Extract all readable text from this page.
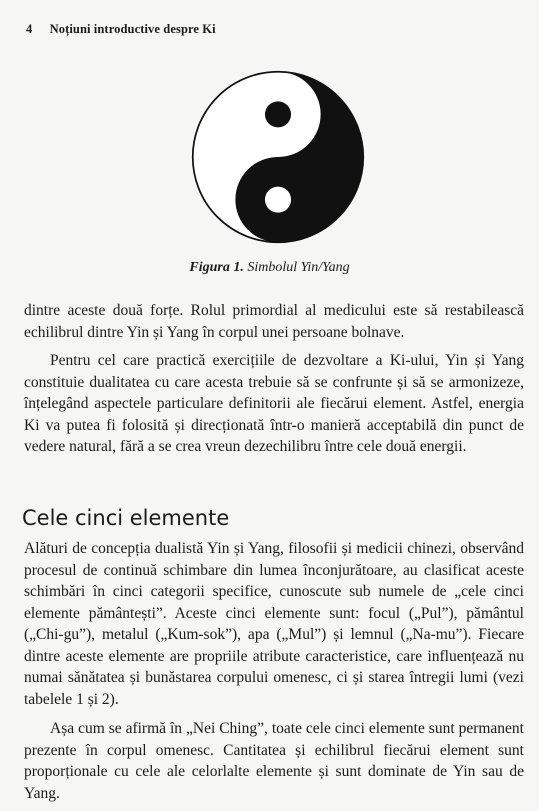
4 Noțiuni introductive despre Ki
Figura 1. Simbolul Yin/Yang
dintre aceste două forțe. Rolul primordial al medicului este să restabilească echilibrul dintre Yin și Yang în corpul unei persoane bolnave.
Pentru cel care practică exercițiile de dezvoltare a Ki-ului, Yin și Yang constituie dualitatea cu care acesta trebuie să se confrunte și să se armonizeze, înțelegând aspectele particulare definitorii ale fiecărui element. Astfel, energia Ki va putea fi folosită și direcționată într-o manieră acceptabilă din punct de vedere natural, fără a se crea vreun dezechilibru între cele două energii.
Cele cinci elemente
Alături de concepția dualistă Yin și Yang, filosofii și medicii chinezi, observând procesul de continuă schimbare din lumea înconjurătoare, au clasificat aceste schimbări în cinci categorii specifice, cunoscute sub numele de „cele cinci elemente pământești”. Aceste cinci elemente sunt: focul („Pul”), pământul („Chi-gu”), metalul („Kum-sok”), apa („Mul”) și lemnul („Na-mu”). Fiecare dintre aceste elemente are propriile atribute caracteristice, care influențează nu numai sănătatea și bunăstarea corpului omenesc, ci și starea întregii lumi (vezi tabelele 1 și 2).
Așa cum se afirmă în „Nei Ching”, toate cele cinci elemente sunt permanent prezente în corpul omenesc. Cantitatea și echilibrul fiecărui element sunt proporționale cu cele ale celorlalte elemente și sunt dominate de Yin sau de Yang.
